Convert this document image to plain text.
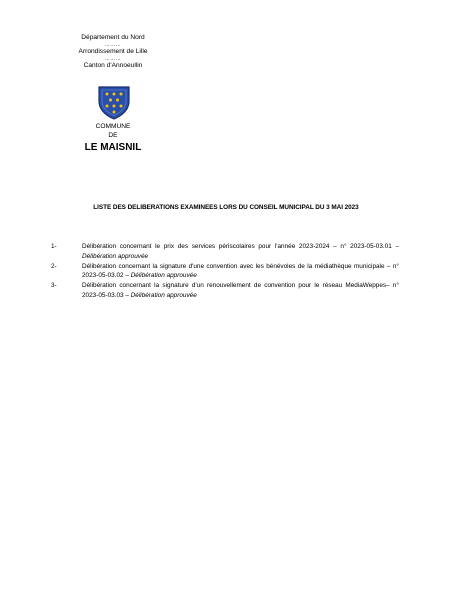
Département du Nord
………
Arrondissement de Lille
………
Canton d'Annoeullin
COMMUNE
DE
LE MAISNIL
LISTE DES DELIBERATIONS EXAMINEES LORS DU CONSEIL MUNICIPAL DU 3 MAI 2023
1-	Délibération concernant le prix des services périscolaires pour l'année 2023-2024 – n° 2023-05-03.01 – Délibération approuvée
2-	Délibération concernant la signature d'une convention avec les bénévoles de la médiathèque municipale – n° 2023-05-03.02 – Délibération approuvée
3-	Délibération concernant la signature d'un renouvellement de convention pour le réseau MediaWeppes– n° 2023-05-03.03 – Délibération approuvée
